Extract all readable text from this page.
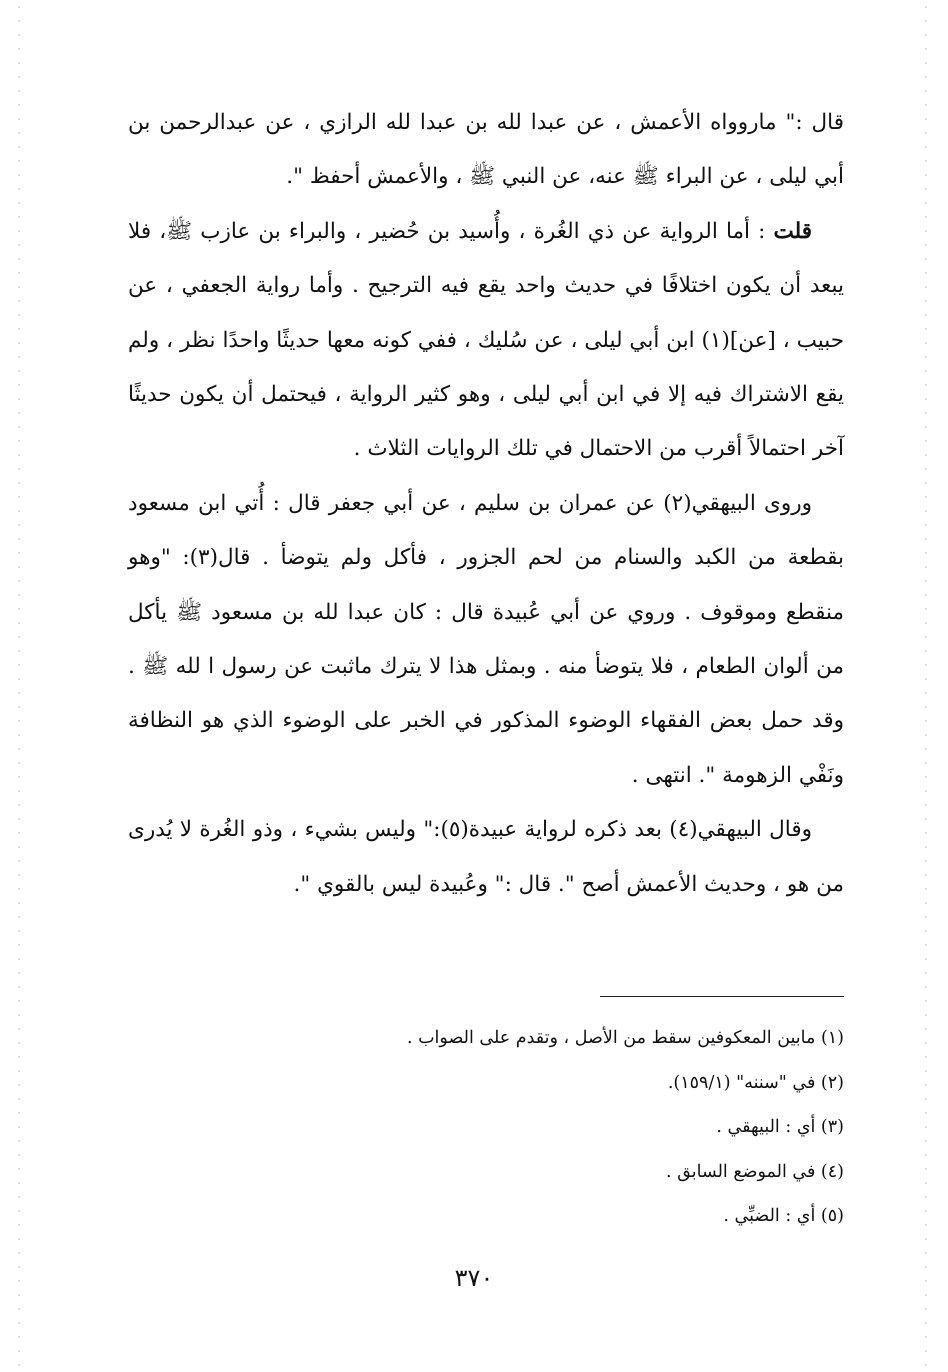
قال :" ماروواه الأعمش ، عن عبدا لله بن عبدا لله الرازي ، عن عبدالرحمن بن أبي ليلى ، عن البراء ﷺ عنه، عن النبي ﷺ ، والأعمش أحفظ ".

قلت : أما الرواية عن ذي الغُرة ، وأُسيد بن حُضير ، والبراء بن عازب ﷺ، فلا يبعد أن يكون اختلافًا في حديث واحد يقع فيه الترجيح . وأما رواية الجعفي ، عن حبيب ، [عن](١) ابن أبي ليلى ، عن سُليك ، ففي كونه معها حديثًا واحدًا نظر ، ولم يقع الاشتراك فيه إلا في ابن أبي ليلى ، وهو كثير الرواية ، فيحتمل أن يكون حديثًا آخر احتمالاً أقرب من الاحتمال في تلك الروايات الثلاث .

وروى البيهقي(٢) عن عمران بن سليم ، عن أبي جعفر قال : أُتي ابن مسعود بقطعة من الكبد والسنام من لحم الجزور ، فأكل ولم يتوضأ . قال(٣): "وهو منقطع وموقوف . وروي عن أبي عُبيدة قال : كان عبدا لله بن مسعود ﷺ يأكل من ألوان الطعام ، فلا يتوضأ منه . وبمثل هذا لا يترك ماثبت عن رسول ا لله ﷺ . وقد حمل بعض الفقهاء الوضوء المذكور في الخبر على الوضوء الذي هو النظافة ونَفْي الزهومة ". انتهى .

وقال البيهقي(٤) بعد ذكره لرواية عبيدة(٥):" وليس بشيء ، وذو الغُرة لا يُدرى من هو ، وحديث الأعمش أصح ". قال :" وعُبيدة ليس بالقوي ".

(١) مابين المعكوفين سقط من الأصل ، وتقدم على الصواب .

(٢) في "سننه" (١٥٩/١).

(٣) أي : البيهقي .

(٤) في الموضع السابق .

(٥) أي : الضبِّي .

٣٧٠
